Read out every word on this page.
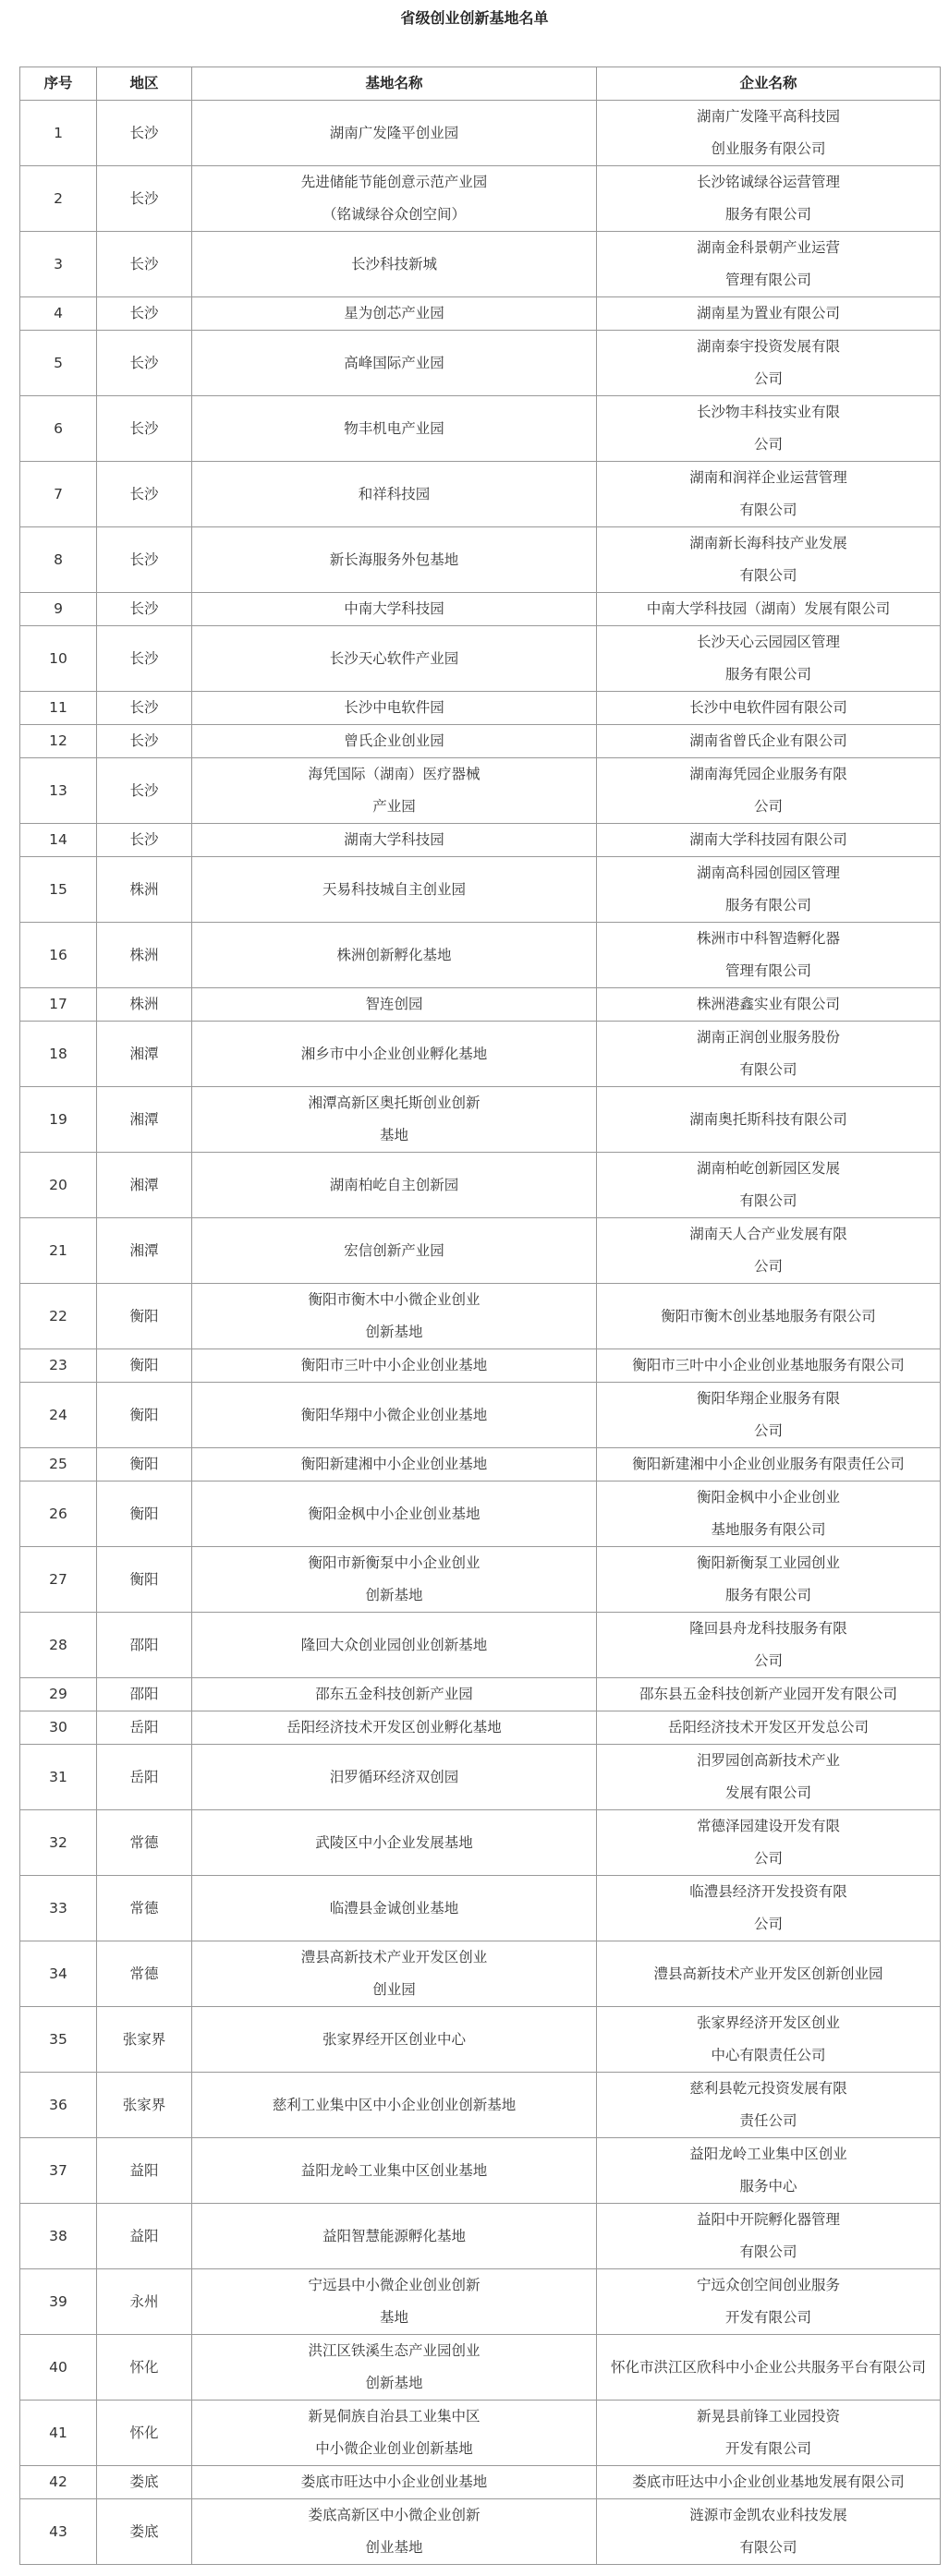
省级创业创新基地名单
序号	地区	基地名称	企业名称
1	长沙	湖南广发隆平创业园	湖南广发隆平高科技园
创业服务有限公司
2	长沙	先进储能节能创意示范产业园
（铭诚绿谷众创空间）	长沙铭诚绿谷运营管理
服务有限公司
3	长沙	长沙科技新城	湖南金科景朝产业运营
管理有限公司
4	长沙	星为创芯产业园	湖南星为置业有限公司
5	长沙	高峰国际产业园	湖南泰宇投资发展有限
公司
6	长沙	物丰机电产业园	长沙物丰科技实业有限
公司
7	长沙	和祥科技园	湖南和润祥企业运营管理
有限公司
8	长沙	新长海服务外包基地	湖南新长海科技产业发展
有限公司
9	长沙	中南大学科技园	中南大学科技园（湖南）发展有限公司
10	长沙	长沙天心软件产业园	长沙天心云园园区管理
服务有限公司
11	长沙	长沙中电软件园	长沙中电软件园有限公司
12	长沙	曾氏企业创业园	湖南省曾氏企业有限公司
13	长沙	海凭国际（湖南）医疗器械
产业园	湖南海凭园企业服务有限
公司
14	长沙	湖南大学科技园	湖南大学科技园有限公司
15	株洲	天易科技城自主创业园	湖南高科园创园区管理
服务有限公司
16	株洲	株洲创新孵化基地	株洲市中科智造孵化器
管理有限公司
17	株洲	智连创园	株洲港鑫实业有限公司
18	湘潭	湘乡市中小企业创业孵化基地	湖南正润创业服务股份
有限公司
19	湘潭	湘潭高新区奥托斯创业创新
基地	湖南奥托斯科技有限公司
20	湘潭	湖南柏屹自主创新园	湖南柏屹创新园区发展
有限公司
21	湘潭	宏信创新产业园	湖南天人合产业发展有限
公司
22	衡阳	衡阳市衡木中小微企业创业
创新基地	衡阳市衡木创业基地服务有限公司
23	衡阳	衡阳市三叶中小企业创业基地	衡阳市三叶中小企业创业基地服务有限公司
24	衡阳	衡阳华翔中小微企业创业基地	衡阳华翔企业服务有限
公司
25	衡阳	衡阳新建湘中小企业创业基地	衡阳新建湘中小企业创业服务有限责任公司
26	衡阳	衡阳金枫中小企业创业基地	衡阳金枫中小企业创业
基地服务有限公司
27	衡阳	衡阳市新衡泵中小企业创业
创新基地	衡阳新衡泵工业园创业
服务有限公司
28	邵阳	隆回大众创业园创业创新基地	隆回县舟龙科技服务有限
公司
29	邵阳	邵东五金科技创新产业园	邵东县五金科技创新产业园开发有限公司
30	岳阳	岳阳经济技术开发区创业孵化基地	岳阳经济技术开发区开发总公司
31	岳阳	汨罗循环经济双创园	汨罗园创高新技术产业
发展有限公司
32	常德	武陵区中小企业发展基地	常德泽园建设开发有限
公司
33	常德	临澧县金诚创业基地	临澧县经济开发投资有限
公司
34	常德	澧县高新技术产业开发区创业
创业园	澧县高新技术产业开发区创新创业园
35	张家界	张家界经开区创业中心	张家界经济开发区创业
中心有限责任公司
36	张家界	慈利工业集中区中小企业创业创新基地	慈利县乾元投资发展有限
责任公司
37	益阳	益阳龙岭工业集中区创业基地	益阳龙岭工业集中区创业
服务中心
38	益阳	益阳智慧能源孵化基地	益阳中开院孵化器管理
有限公司
39	永州	宁远县中小微企业创业创新
基地	宁远众创空间创业服务
开发有限公司
40	怀化	洪江区铁溪生态产业园创业
创新基地	怀化市洪江区欣科中小企业公共服务平台有限公司
41	怀化	新晃侗族自治县工业集中区
中小微企业创业创新基地	新晃县前锋工业园投资
开发有限公司
42	娄底	娄底市旺达中小企业创业基地	娄底市旺达中小企业创业基地发展有限公司
43	娄底	娄底高新区中小微企业创新
创业基地	涟源市金凯农业科技发展
有限公司
